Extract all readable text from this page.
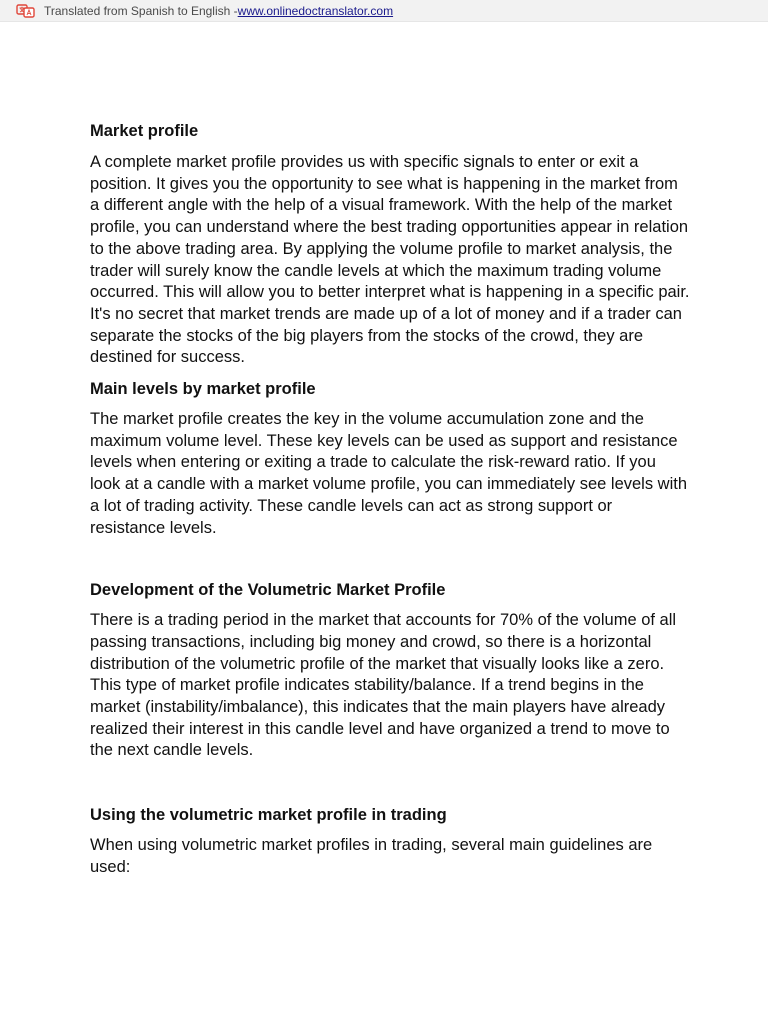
Translated from Spanish to English - www.onlinedoctranslator.com
Market profile

A complete market profile provides us with specific signals to enter or exit a position. It gives you the opportunity to see what is happening in the market from a different angle with the help of a visual framework. With the help of the market profile, you can understand where the best trading opportunities appear in relation to the above trading area. By applying the volume profile to market analysis, the trader will surely know the candle levels at which the maximum trading volume occurred. This will allow you to better interpret what is happening in a specific pair. It's no secret that market trends are made up of a lot of money and if a trader can separate the stocks of the big players from the stocks of the crowd, they are destined for success.

Main levels by market profile

The market profile creates the key in the volume accumulation zone and the maximum volume level. These key levels can be used as support and resistance levels when entering or exiting a trade to calculate the risk-reward ratio. If you look at a candle with a market volume profile, you can immediately see levels with a lot of trading activity. These candle levels can act as strong support or resistance levels.

Development of the Volumetric Market Profile

There is a trading period in the market that accounts for 70% of the volume of all passing transactions, including big money and crowd, so there is a horizontal distribution of the volumetric profile of the market that visually looks like a zero. This type of market profile indicates stability/balance. If a trend begins in the market (instability/imbalance), this indicates that the main players have already realized their interest in this candle level and have organized a trend to move to the next candle levels.

Using the volumetric market profile in trading

When using volumetric market profiles in trading, several main guidelines are used:
